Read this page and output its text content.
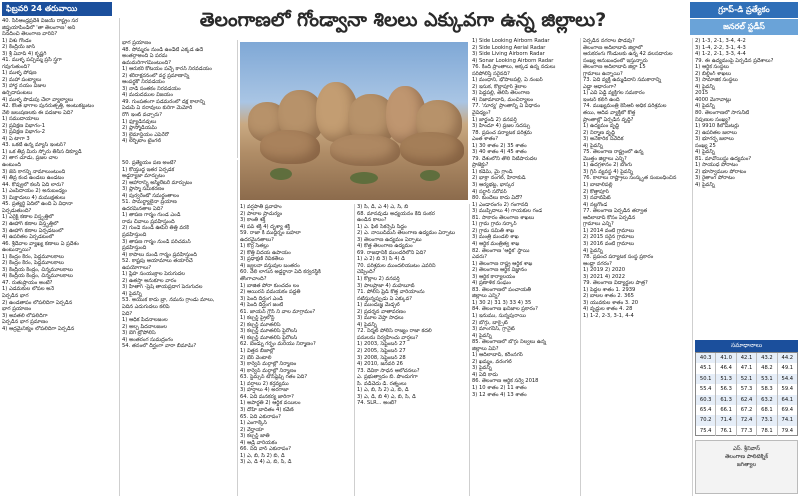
ఫిబ్రవరి 24 తరువాయి
తెలంగాణలో గోండ్వానా శిలలు ఎక్కువగా ఉన్న జిల్లాలు?	గ్రూప్-డి ప్రత్యేకం
జనరల్ స్టడీస్
40. సిర్ఆంధ్రప్రదేశ్ విజయ్ రాష్ట్రం సర
జిప్తుయాపిండిలో 'తా తెలంగాణ' అని
నినదించి తెలంగాణ వారిని?
1) విశు గొండం
2) కేంద్రీయ్ జాన్
3) శ్రీ ఏవాద్ 4) కృష్ణగి
41. ముళ్ళ పచ్చిమ్మ ప్రసి స్త్రగా
గవుగుతుంది?
1) ముళ్ళ పోషణ
2) మహా పంట్యాలు
3) హార్థ నయం విజుల
ఉర్పిదాపంటలు
4) ముళ్ళ పొడుపు చేలా వ్యాల్యాలు
42. కొంత భాగాల పునరుత్పత్తి, అంటుకట్టుటం
నేలి జలుషణలకు ఈ పదజాల ఏది?
1) సముదాయాలు
2) ప్రవిక్షణ విభాగం-1
3) ప్రవిక్షణ విభాగం-2
4) ఏ టాగా 3
43. ఒకటి ఉన్న మ్యాస్ ఇంటర్?
1) ఒక తీవ్ర మీరు స్ఫోరు తీసిస దిక్యూడి
2) తాగ చూడు, ప్రజల చాల
ఉంటుంది
3) జెన్ కాగన్ని నామాలుంటుంది
4) తీవ్ర కంద ఉండలు ఉండటం
44. కొవ్వులో కలసి ఏది లారు?
1) ఎంపిదాయం 2) అనుబంధ్యం
3) మిక్షాదులు 4) మముక్షతులు
45. ప్రత్యర్థి ఏదిలో ఉంది ఏ విధానా
ఏర్పడుతుంది?
1) ఎర్రెక్ట్ కణాల విస్తృత్తిలో
2) ఊహాగ్ కణాల విస్తృత్తిలో
3) ఊహాగ్ కణాల ఏర్పడటంలో
4) ఉపరితల ఏర్పడటంలో
46. శ్రీదేవాల వ్యాఖ్య కణాలు ఏ ప్రదేశం
ఉంటున్నాయి?
1) కేంద్రం కేరం, పెద్దమూలకాలు
2) కేంద్రం కేరం, పెద్దమూలకాలు
3) కేంద్రీయ కేంద్రం, చిన్నమూలకాలు
4) కేంద్రీయ కేంద్రం, చిన్నమూలకాలు
47. రుతుప్రాయం అంటే?
1) ఎడమకుల లోపల అనే
ఏర్పడిన భాగ
2) ఉండతాపం లోపలిదిగా ఏర్పడిన
భాగ ప్రయాణం
3) అవతలి లోపలిదిగా
ఏర్పడిన భాగ ప్రమాణం
4) ఆద్రమైనిక్యం లోపలిదిగా ఏర్పడిన
భాగ ప్రయాణం
48. సోమ్మరం నుండి ఉండేటి ఎక్కడ ఉదే
అంతర్గాఅంది ఏ పరమ
ఉమమరిగాగమింటుంది?
1) ఆరుకరి కోటయం పచ్చే కారన్ నిరవడయం
2) శరీరాక్షరనంలో వర్థ ప్రమాణాన్ని
ఆంపర్థకో నిరవడయం
3) నాడీ సంతకం నిరవడయం
4) మదుదముల విజయం
49. గుంపతంగా పడమరంలో దక్ష కాలాన్ని
ఏదుపే ఏ నరావులు కురిగా మెమోరీ
రోగ్ ఇంట్ వచ్చారు?
1) ఫ్యూడినవులు
2) ప్లాస్మోడియమ్
3) లైమాన్డియం ఎపెరేరో
4) లెర్బిటాం టైంగల్
50. ప్రత్యేయం పణ అంటే?
1) కోయ్తుద్ద ఇతర ఏర్పడక
అడ్డర్యాజా మార్పుటం
2) ఆహారాన్ని అస్మిలేటరీ మార్పుటం
3) ప్లాస్మా సమీకరణం
4) పుర్వరేంటో సమర్థంతాలం
51. సామర్థ్యాలైనా ప్రయాణ
ఉదరమినతాల ఏది?
1) తాపణ గార్మం గుండ ఎండి
రామ చీవాలు ప్రవహిస్తుంది
2) గుండె నుండి ఊపిరి తిత్తి వరకే
ప్రవహిస్తుంది
3) తాపణ గార్మం నుండి పరిచమన్
ప్రవహిస్తుంది
4) కాపాలు నుండి గార్మం ప్రవహిస్తుంది
52. కాష్టపు ఆయామాలు తయారిచే
ఉపయోగాలు?
1) ప్లేహ సంయుక్రాల పెరుగుదల
2) ఉతస్తా అనుకూల వారం
3) హితాగ్ -ప్రెష్ తాయప్రదాగ పెరుగుదల
4) పైవన్నీ
53. అయొక కాదు బ్రా, నమను గ్రాండు మాలు,
ఏదిన ఎదుగుదలు కలిపే
ఏది?
1) ఆధిక పీదనాలజంల
2) అల్ప పీదనాలజంల
3) బెగి ట్రోపోలిస్
4) అంతరంగ సుమద్రంగం
54. తనంలో దీర్ఘంగా వారా బీమామ్?
1) వర్షపాతీ ప్రవాహం
2) పాలాల ప్రాచుర్యం
3) కాంతి శక్తి
4) పవ్ శక్తి 4) దృశ్యా శక్తి
59. రాజా కి ముద్దిర్నం బహలా
ఉదరమైనతాలు?
1) కొర్ర సేతల్లు
2) కొత్తి విదయ ఉపాయం
3) ప్రధాక్షణి రేవికతేలు
4) జ్వలనా వస్తువుల బంతరం
60. నేలి లాగున అడ్డర్థానా ఏది కర్వరస్థికీ
తోంగాచాంది?
1) బాజిత పోరా కుంచదం లం
2) ఆయిరన్ వమయకం పద్దతి
3) పెంది దీర్ఘంగ ఎండి
4) పెంది దీర్ఘంగ జంటి
61. జాయన్ గ్రౌన్ ని వాల మాగ్రామం?
1) కల్చర్డ్ ప్రైలోన్ట్
2) కల్చర్డ్ మూతలిస్
3) కల్చర్డ్ మూతలిస్ ఫ్లెరోలస్
4) కల్చర్డ్ మూతలిస్ ఫ్లెరోలస్
62. బెండ్ను గర్భం మరియు నిర్మాణం?
1) విత్తన బీజాల్లో
2) బేర్ వెంటాలి
3) కార్వెన్ మర్గాల్లో నిర్మాణం
4) కార్వెన్ మర్గాల్లో నిర్మాణం
63. స్టెమ్సన్ టౌన్‌ఫ్రెఫ్స్ గతం ఏది?
1) వర్షాలు 2) కర్తవ్యము
3) హర్షాలు 4) అరగాజా
64. ఏది మనకర్య జారిగా?
1) అపార్థతి 2) ఆర్థిక వయిలం
3) దోహ్ బాదితం 4) కవేణ్
65. ఏది ఎకురాపం?
1) ఎంగాక్కేన్
2) వేర్హాయా
3) కల్చర్డ్ జాతి
4) ఆడ్రి వారియకం
66. నిది వార్ ఎకురాపం?
1) ఎ, బి, సి 2) బి, డి
3) ఎ, డి 4) ఎ, బి, సి, డి
3) సి, డి, ఎ 4) ఎ, సి, బి
68. మానవుడు అధ్యయనం కేది సంకర
ఉండిన కాలం?
1) ఎ. ఫిల్ సేకర్సెప్ సిద్ధం
2) ఎ. నాయిద్‌మన్ తెలంగాణ ఉద్యమం ఏర్పాటు
3) తెలంగాణ ఉద్యమం ఏర్పాటు
4) కొత్త తెలంగాణ ఉద్యమం
69. రాజధానికి ముందరిలోని ఏది?
1) ఎ 2) బి 3) సి 4) డి
70. పరిశ్రమల ముందలియుటం ఎవరిని
చెప్పింది?
1) కొల్లాల 2) వనపర్తి
3) పాలప్రాజా 4) మహబూబ్
71. పోలీస్ ఫ్రెడ్ కొత్త వారియాంను
నటిస్తున్నప్పుడు ఏ ఎక్కువ?
1) ముందుజ్ఞ మేడ్చల్
2) ప్రదర్శన వాతావరణం
3) మూల వెప్తా సాధలు
4) పైవన్నీ
72. నిర్మల్ పోలీస్ రాజ్యం రాజా కదలి
పనులను నిర్వహించు వార్తలు?
1) 2003, సెప్టెంబర్ 27
2) 2005, సెప్టెంబర్ 27
3) 2008, సెప్టెంబర్ 28
4) 2010, జనవరి 26
73. దేవికా సాధన ఆలోచనలు?
ఎ. ప్రభుత్వాదం బి. పొందుగగా
సి. వడిచెదు డి. రత్నంలు
1) ఎ, బి, సి 2) ఎ, బి, డి
3) ఎ, డి, బి 4) ఎ, బి, సి, డి
74. SLR... అంటే?
1) Side Looking Airborn Radar
2) Side Looking Aerial Radar
3) Side Living Airborn Radar
4) Sonar Looking Airborn Radar
76. కింది ప్రాంతాలు, అక్కడ ఉన్న నదులు
సరిపోలిస్తే సరైనది?
1) మంధాని, భోపాలపల్లి, ఏ నంబర్
2) ఇసుక, కొల్లాపూర్ శైలాల
3) పెద్దపల్లి, తెలిసి తెలంగాణ
4) నిజామాబాద్, మంచిర్యాలం
77. 'సూర్య' ప్రాంతాన్ని ఏ విధానం
వైవిధ్యం?
1) జార్ఖండ్ 2) వనపర్తి
3) హిందూ 4) ప్రజల సదస్సు
78. ప్రపంచ పర్యాటక పరిశ్రమ
ఎంత శాతం?
1) 30 శాతం 2) 35 శాతం
3) 40 శాతం 4) 45 శాతం
79. దేశంలోని తొలి నీటిపారుదల
ప్రాజెక్టు?
1) కడెమ్, మై గ్రాండ్
2) భాక్రా నంగల్, హీరాకుడ్
3) ఆర్యభట్ట, భాస్కర
4) సర్దార్ సరోవర్
80. కుందేలు కాదు ఏదో?
1) ఎండారంగం 2) గంగానది
3) ముప్పిదాలు 4) గాయకుల గండ
81. సాకారం తెలంగాణ శాఖలు
1) గ్రామ గ్రామ సర్కార్
2) గ్రామ సమితి శాఖ
3) మంత్రి మండలి శాఖ
4) ఆర్థిక మంత్రిత్వ శాఖ
82. తెలంగాణ 'ఆర్థిక' స్థాయి
ఎవరు?
1) తెలంగాణ రాష్ట్ర ఆర్థిక శాఖ
2) తెలంగాణ ఆర్థిక విజ్ఞానం
3) ఆర్థిక కార్యాలయం
4) ప్రణాళిక సంఘం
83. తెలంగాణలో పంచాయతీ
జిల్లాలు ఎన్ని?
1) 30 2) 31 3) 33 4) 35
84. తెలంగాణ ఖనిజాల ప్రకారం?
1) ఇనుము, సున్నపురాయి
2) బొగ్గు, బాక్సైట్
3) మాంగనీస్, గ్రానైట్
4) పైవన్నీ
85. తెలంగాణలో బొగ్గు నిల్వలు ఉన్న
జిల్లాలు ఏవి?
1) ఆదిలాబాద్, కరీంనగర్
2) ఖమ్మం, వరంగల్
3) పైవన్నీ
4) ఏదీ కాదు
86. తెలంగాణ ఆర్థిక సర్వే 2018
1) 10 శాతం 2) 11 శాతం
3) 12 శాతం 4) 13 శాతం
ఏర్పడిన నగరాల పొడవు?
తెలంగాణ అదిలాబాద్ జిల్లాలో
ఆరుకరంగు గోండులకు ఉన్న 42 వలసదారుల
సంఖ్య అనుబంధంలో ఇస్తున్నారు
తెలంగాణ అదిలాబాద్ జిల్లా 15
గ్రామాలు ఉన్నాయి?
73. ఏది వ్యక్తి ఉమ్మడిదాని సమకారాన్ని
ఎడ్డా ఆధారంగా?
1) ఎవి ఏడ్డి వ్యక్తిగల సమకారం
ఇంటర్ కలిగి ఉంది
74. ముఖ్యమంత్రి కెసిఆర్ అధిక పరిశ్రమల
తయి, ఆదివ వ్యాక్తిలో కొత్త
ప్రాంతాల్లో ఏర్పడిన వృద్ధి?
1) ఉద్యమం వృద్ధి
2) నిర్మాణ వృద్ధి
3) అనేకారిక నివేదిక
4) పైవన్నీ
75. తెలంగాణ రాష్ట్రంలో ఉన్న
మొత్తం జిల్లాలు ఎన్ని?
1) ఉదగ్రశానం 2) బొంగు
3) గ్రీన్ వ్యవస్థ 4) పైవన్నీ
76. కాలాలు రాష్ట్రాలు సంస్కృత సంబంధించిన
1) బాబాలిపల్లి
2) కొత్తాపూర్
3) నవాబ్‌పేట్
4) నల్లగొండ
77. తెలంగాణ ఏర్పడిన తర్వాత
ఆదిలాబాద్ కోసం ఏర్పడిన
గ్రామాలు ఎన్ని?
1) 2014 వంటి గ్రామాలు
2) 2015 సరైన గ్రామాలు
3) 2016 వంటి గ్రామాలు
4) పైవన్నీ
78. ప్రపంచ పర్యాటక సంస్థ ప్రకారం
ఆంధ్రా నగరం?
1) 2019 2) 2020
3) 2021 4) 2022
79. తెలంగాణ విద్యార్థుల పాత్ర?
1) పెద్దల శాతం 1. 2939
2) బాలల శాతం 2. 365
3) యువకుల శాతం 3. 20
4) వృద్ధుల శాతం 4. 28
1) 1-2, 2-3, 3-1, 4-4
2) 1-3, 2-1, 3-4, 4-2
3) 1-4, 2-2, 3-1, 4-3
4) 1-2, 2-1, 3-3, 4-4
79. ఈ ఉద్యమంపై ఏర్పడిన ప్రదేశాలు?
1) ఆర్థిక సంస్థలు
2) బిల్డింగ్ శాఖలు
3) సామాజిక సంస్థలు
4) పైవన్నీ
2015
4000 మెగావాట్లు
4) పైవన్నీ
80. తెలంగాణలో సాగునీటి
నిపుణుల సంఖ్య?
1) 9910 కిలోమీటర్లు
2) ఉపరితల జలాలు
3) భూగర్భ జలాలు
సంఖ్య 25
4) పైవన్నీ
81. మావోయిస్టు ఉద్యమం?
1) సాయుధ పోరాటం
2) భూస్వాముల పోరాటం
3) రైతాంగ పోరాటం
4) పైవన్నీ
సమాధానాలు
40.3	41.0	42.1	43.2	44.2
45.1	46.4	47.1	48.2	49.1
50.1	51.3	52.1	53.1	54.4
55.4	56.3	57.3	58.3	59.4
60.3	61.3	62.4	63.2	64.1
65.4	66.1	67.2	68.1	69.4
70.2	71.4	72.4	73.1	74.1
75.4	76.1	77.3	78.1	79.4
ఎస్. శ్రీనివాస్
తెలంగాణ పాలిటెక్నిక్
జగిత్యాల
